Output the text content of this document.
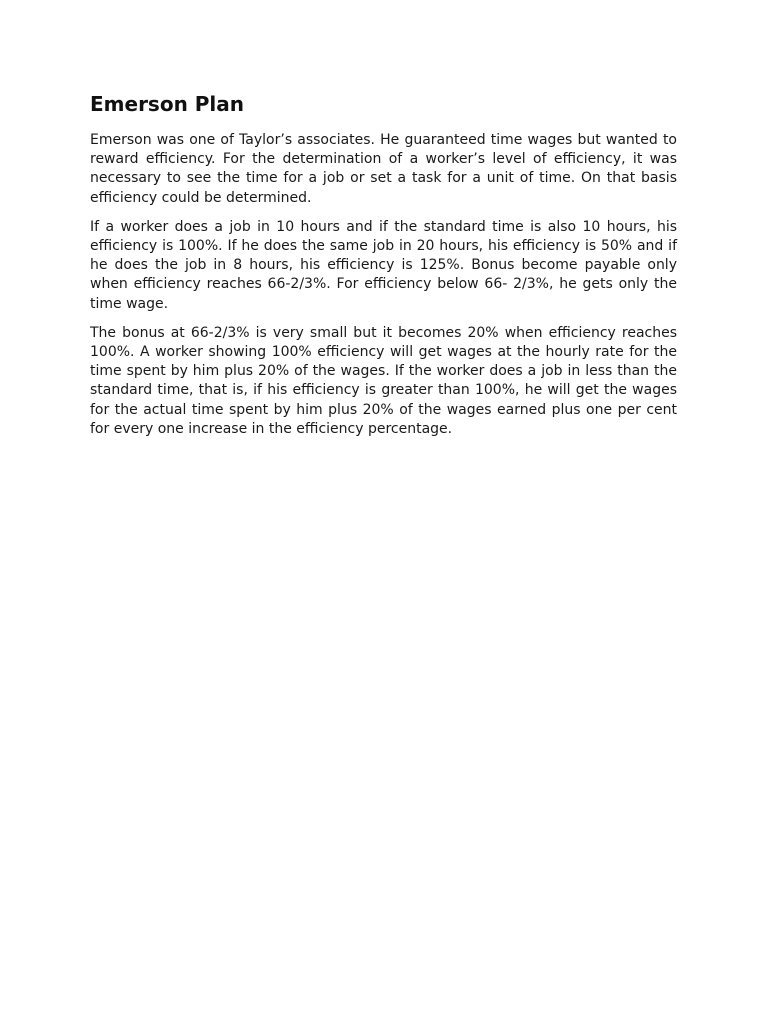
Emerson Plan

Emerson was one of Taylor’s associates. He guaranteed time wages but wanted to reward efficiency. For the determination of a worker’s level of efficiency, it was necessary to see the time for a job or set a task for a unit of time. On that basis efficiency could be determined.

If a worker does a job in 10 hours and if the standard time is also 10 hours, his efficiency is 100%. If he does the same job in 20 hours, his efficiency is 50% and if he does the job in 8 hours, his efficiency is 125%. Bonus become payable only when efficiency reaches 66-2/3%. For efficiency below 66- 2/3%, he gets only the time wage.

The bonus at 66-2/3% is very small but it becomes 20% when efficiency reaches 100%. A worker showing 100% efficiency will get wages at the hourly rate for the time spent by him plus 20% of the wages. If the worker does a job in less than the standard time, that is, if his efficiency is greater than 100%, he will get the wages for the actual time spent by him plus 20% of the wages earned plus one per cent for every one increase in the efficiency percentage.
